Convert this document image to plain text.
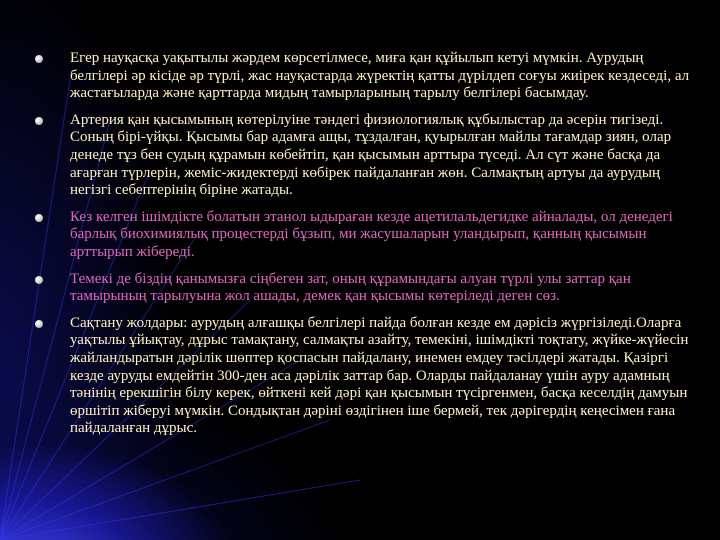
Егер науқасқа уақытылы жәрдем көрсетілмесе, миға қан құйылып кетуі мүмкін. Аурудың белгілері әр кісіде әр түрлі, жас науқастарда жүректің қатты дүрілдеп соғуы жиірек кездеседі, ал жастағыларда және қарттарда мидың тамырларының тарылу белгілері басымдау.
Артерия қан қысымының көтерілуіне тәндегі физиологиялық құбылыстар да әсерін тигізеді. Соның бірі-үйқы. Қысымы бар адамға ащы, тұздалған, қуырылған майлы тағамдар зиян, олар денеде тұз бен судың құрамын көбейтіп, қан қысымын арттыра түседі. Ал сүт және басқа да ағарған түрлерін, жеміс-жидектерді көбірек пайдаланған жөн. Салмақтың артуы да аурудың негізгі себептерінің біріне жатады.
Кез келген ішімдікте болатын этанол ыдыраған кезде ацетилальдегидке айналады, ол денедегі барлық биохимиялық процестерді бұзып, ми жасушаларын уландырып, қанның қысымын арттырып жібереді.
Темекі де біздің қанымызға сіңбеген зат, оның құрамындағы алуан түрлі улы заттар қан тамырының тарылуына жол ашады, демек қан қысымы көтеріледі деген сөз.
Сақтану жолдары: аурудың алғашқы белгілері пайда болған кезде ем дәрісіз жүргізіледі.Оларға уақтылы ұйықтау, дұрыс тамақтану, салмақты азайту, темекіні, ішімдікті тоқтату, жүйке-жүйесін жайландыратын дәрілік шөптер қоспасын пайдалану, инемен емдеу тәсілдері жатады. Қазіргі кезде ауруды емдейтін 300-ден аса дәрілік заттар бар. Оларды пайдаланау үшін ауру адамның тәнінің ерекшігін білу керек, өйткені кей дәрі қан қысымын түсіргенмен, басқа кеселдің дамуын өршітіп жіберуі мүмкін. Сондықтан дәріні өздігінен іше бермей, тек дәрігердің кеңесімен ғана пайдаланған дұрыс.
